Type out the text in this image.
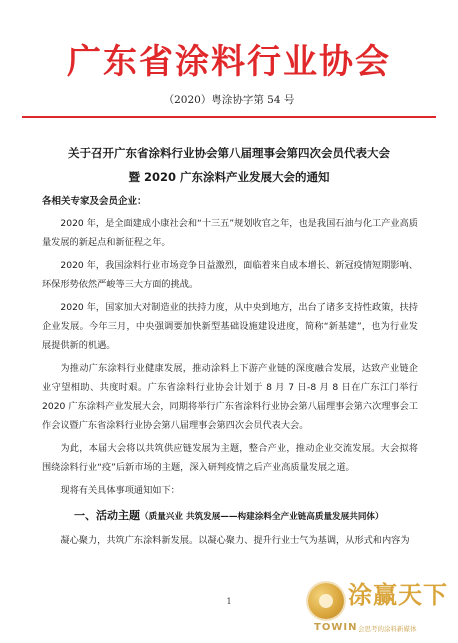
广东省涂料行业协会
（2020）粤涂协字第 54 号
关于召开广东省涂料行业协会第八届理事会第四次会员代表大会
暨 2020 广东涂料产业发展大会的通知
各相关专家及会员企业：

2020 年，是全面建成小康社会和“十三五”规划收官之年，也是我国石油与化工产业高质量发展的新起点和新征程之年。

2020 年，我国涂料行业市场竞争日益激烈，面临着来自成本增长、新冠疫情短期影响、环保形势依然严峻等三大方面的挑战。

2020 年，国家加大对制造业的扶持力度，从中央到地方，出台了诸多支持性政策，扶持企业发展。今年三月，中央强调要加快新型基础设施建设进度，简称“新基建”，也为行业发展提供新的机遇。

为推动广东涂料行业健康发展，推动涂料上下游产业链的深度融合发展，达致产业链企业守望相助、共度时艰。广东省涂料行业协会计划于 8 月 7 日-8 月 8 日在广东江门举行 2020 广东涂料产业发展大会，同期将举行广东省涂料行业协会第八届理事会第六次理事会工作会议暨广东省涂料行业协会第八届理事会第四次会员代表大会。

为此，本届大会将以共筑供应链发展为主题，整合产业，推动企业交流发展。大会拟将围绕涂料行业“疫”后新市场的主题，深入研判疫情之后产业高质量发展之道。

现将有关具体事项通知如下：

一、活动主题（质量兴业 共筑发展——构建涂料全产业链高质量发展共同体）

凝心聚力，共筑广东涂料新发展。以凝心聚力、提升行业士气为基调，从形式和内容为

1	涂赢天下
TOWIN 会思考的涂料新媒体
